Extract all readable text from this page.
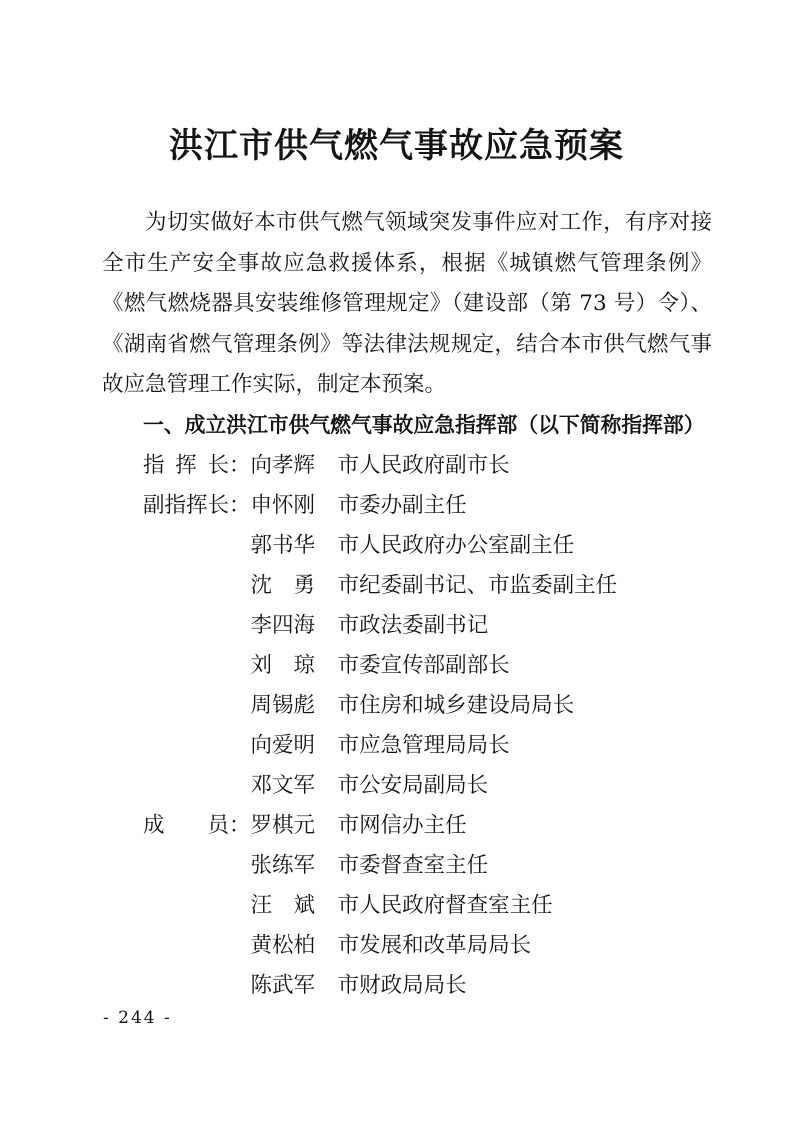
洪江市供气燃气事故应急预案

为切实做好本市供气燃气领域突发事件应对工作，有序对接全市生产安全事故应急救援体系，根据《城镇燃气管理条例》《燃气燃烧器具安装维修管理规定》（建设部（第 73 号）令）、《湖南省燃气管理条例》等法律法规规定，结合本市供气燃气事故应急管理工作实际，制定本预案。

一、成立洪江市供气燃气事故应急指挥部（以下简称指挥部）
指挥长：向孝辉 市人民政府副市长
副指挥长：申怀刚 市委办副主任
郭书华 市人民政府办公室副主任
沈勇 市纪委副书记、市监委副主任
李四海 市政法委副书记
刘琼 市委宣传部副部长
周锡彪 市住房和城乡建设局局长
向爱明 市应急管理局局长
邓文军 市公安局副局长
成员：罗棋元 市网信办主任
张练军 市委督查室主任
汪斌 市人民政府督查室主任
黄松柏 市发展和改革局局长
陈武军 市财政局局长
- 244 -
